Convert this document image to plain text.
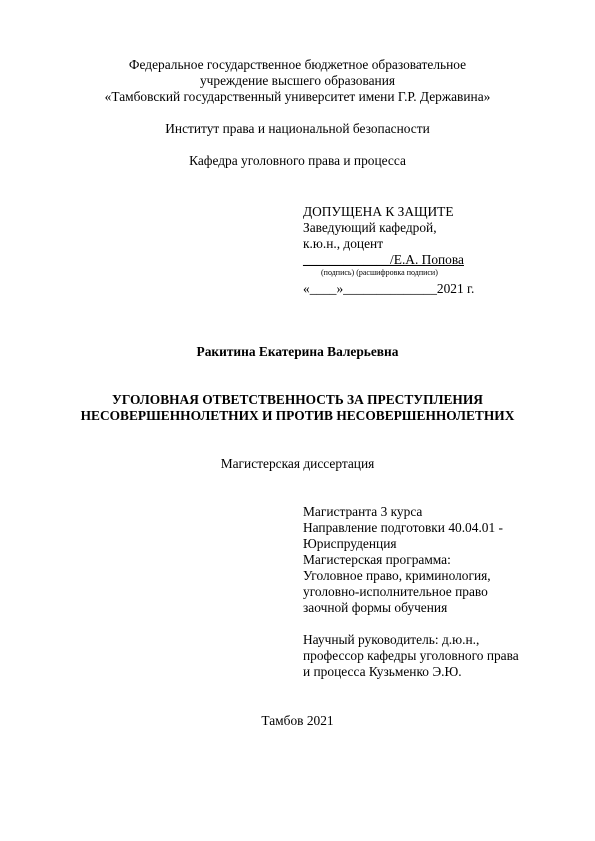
Федеральное государственное бюджетное образовательное
учреждение высшего образования
«Тамбовский государственный университет имени Г.Р. Державина»
Институт права и национальной безопасности
Кафедра уголовного права и процесса
ДОПУЩЕНА К ЗАЩИТЕ
Заведующий кафедрой,
к.ю.н., доцент
_____________/Е.А. Попова
(подпись) (расшифровка подписи)
«____»______________2021 г.
Ракитина Екатерина Валерьевна
УГОЛОВНАЯ ОТВЕТСТВЕННОСТЬ ЗА ПРЕСТУПЛЕНИЯ
НЕСОВЕРШЕННОЛЕТНИХ И ПРОТИВ НЕСОВЕРШЕННОЛЕТНИХ
Магистерская диссертация
Магистранта 3 курса
Направление подготовки 40.04.01 -
Юриспруденция
Магистерская программа:
Уголовное право, криминология,
уголовно-исполнительное право
заочной формы обучения
Научный руководитель: д.ю.н.,
профессор кафедры уголовного права
и процесса Кузьменко Э.Ю.
Тамбов 2021
